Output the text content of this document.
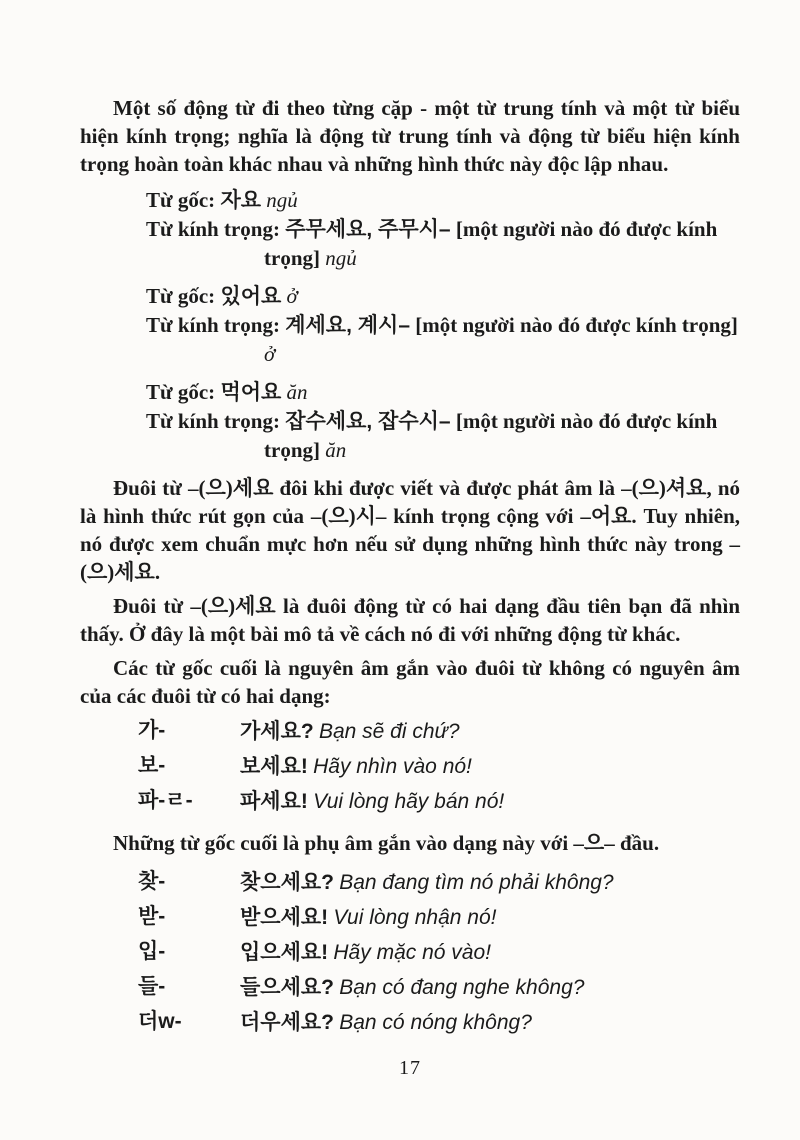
Một số động từ đi theo từng cặp - một từ trung tính và một từ biểu hiện kính trọng; nghĩa là động từ trung tính và động từ biểu hiện kính trọng hoàn toàn khác nhau và những hình thức này độc lập nhau.

Từ gốc: 자요 ngủ
Từ kính trọng: 주무세요, 주무시– [một người nào đó được kính trọng] ngủ
Từ gốc: 있어요 ở
Từ kính trọng: 계세요, 계시– [một người nào đó được kính trọng] ở
Từ gốc: 먹어요 ăn
Từ kính trọng: 잡수세요, 잡수시– [một người nào đó được kính trọng] ăn

Đuôi từ –(으)세요 đôi khi được viết và được phát âm là –(으)셔요, nó là hình thức rút gọn của –(으)시– kính trọng cộng với –어요. Tuy nhiên, nó được xem chuẩn mực hơn nếu sử dụng những hình thức này trong –(으)세요.

Đuôi từ –(으)세요 là đuôi động từ có hai dạng đầu tiên bạn đã nhìn thấy. Ở đây là một bài mô tả về cách nó đi với những động từ khác.

Các từ gốc cuối là nguyên âm gắn vào đuôi từ không có nguyên âm của các đuôi từ có hai dạng:

가-	가세요? Bạn sẽ đi chứ?
보-	보세요! Hãy nhìn vào nó!
파-ㄹ-	파세요! Vui lòng hãy bán nó!

Những từ gốc cuối là phụ âm gắn vào dạng này với –으– đầu.

찾-	찾으세요? Bạn đang tìm nó phải không?
받-	받으세요! Vui lòng nhận nó!
입-	입으세요! Hãy mặc nó vào!
들-	들으세요? Bạn có đang nghe không?
더w-	더우세요? Bạn có nóng không?
17
